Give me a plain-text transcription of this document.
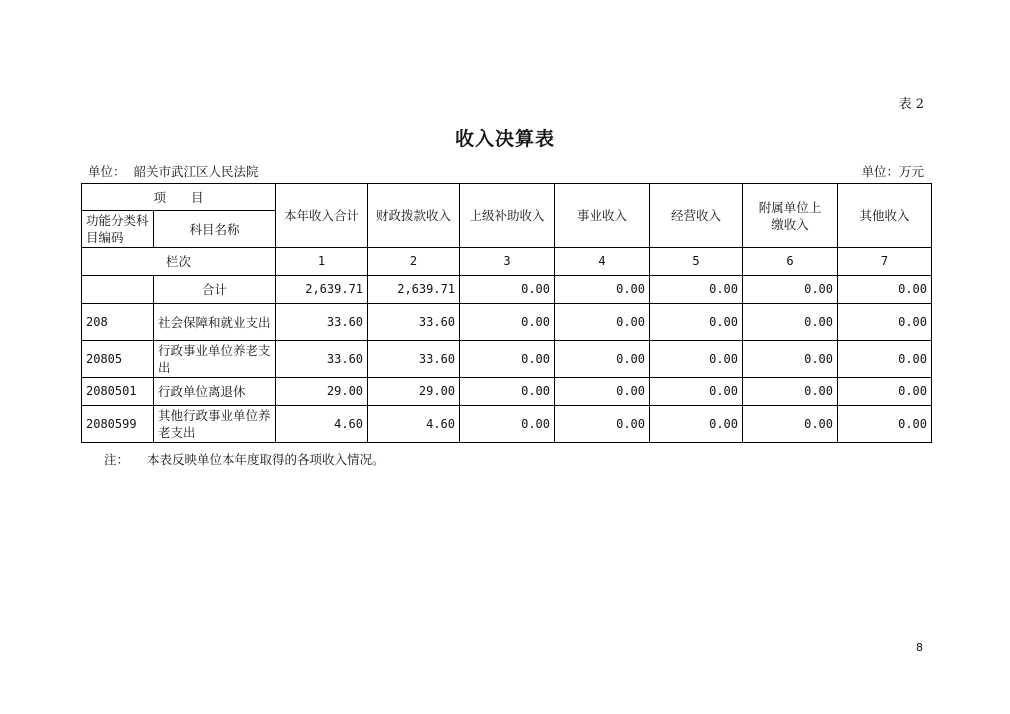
表 2
收入决算表
单位： 韶关市武江区人民法院	单位：万元
项　　目		本年收入合计	财政拨款收入	上级补助收入	事业收入	经营收入	附属单位上缴收入	其他收入
功能分类科目编码	科目名称							
栏次		1	2	3	4	5	6	7
	合计	2,639.71	2,639.71	0.00	0.00	0.00	0.00	0.00
208	社会保障和就业支出	33.60	33.60	0.00	0.00	0.00	0.00	0.00
20805	行政事业单位养老支出	33.60	33.60	0.00	0.00	0.00	0.00	0.00
2080501	行政单位离退休	29.00	29.00	0.00	0.00	0.00	0.00	0.00
2080599	其他行政事业单位养老支出	4.60	4.60	0.00	0.00	0.00	0.00	0.00
注： 本表反映单位本年度取得的各项收入情况。
8
